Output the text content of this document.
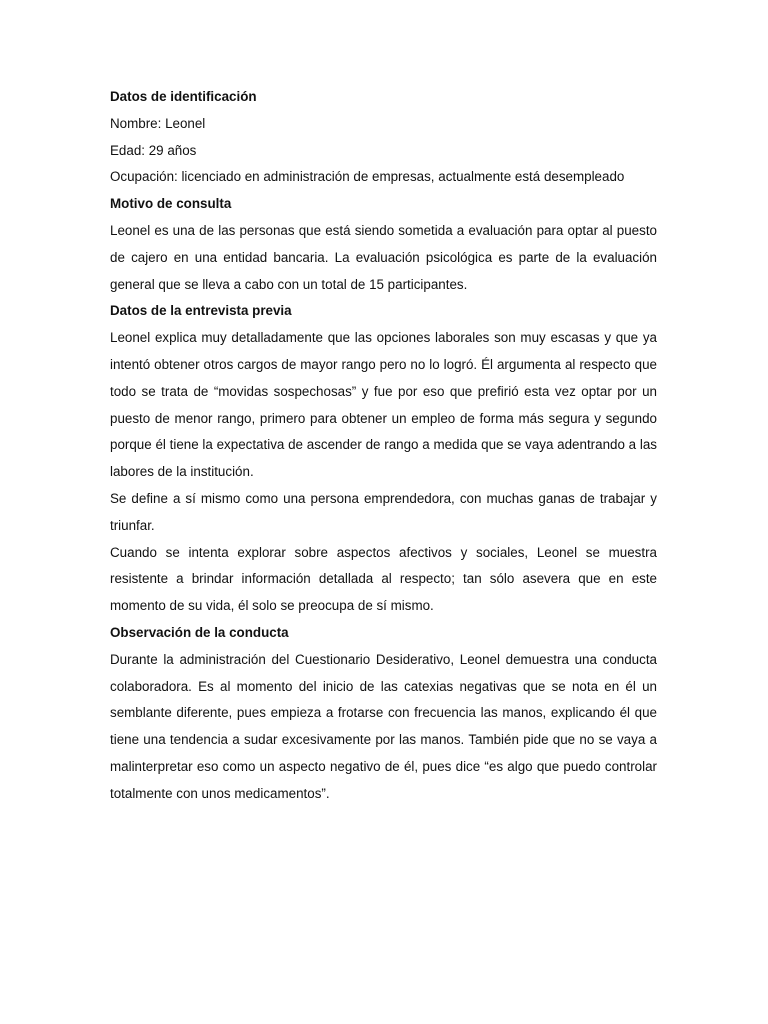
Datos de identificación

Nombre: Leonel

Edad: 29 años

Ocupación: licenciado en administración de empresas, actualmente está desempleado

Motivo de consulta

Leonel es una de las personas que está siendo sometida a evaluación para optar al puesto de cajero en una entidad bancaria. La evaluación psicológica es parte de la evaluación general que se lleva a cabo con un total de 15 participantes.

Datos de la entrevista previa

Leonel explica muy detalladamente que las opciones laborales son muy escasas y que ya intentó obtener otros cargos de mayor rango pero no lo logró. Él argumenta al respecto que todo se trata de “movidas sospechosas” y fue por eso que prefirió esta vez optar por un puesto de menor rango, primero para obtener un empleo de forma más segura y segundo porque él tiene la expectativa de ascender de rango a medida que se vaya adentrando a las labores de la institución.

Se define a sí mismo como una persona emprendedora, con muchas ganas de trabajar y triunfar.

Cuando se intenta explorar sobre aspectos afectivos y sociales, Leonel se muestra resistente a brindar información detallada al respecto; tan sólo asevera que en este momento de su vida, él solo se preocupa de sí mismo.

Observación de la conducta

Durante la administración del Cuestionario Desiderativo, Leonel demuestra una conducta colaboradora. Es al momento del inicio de las catexias negativas que se nota en él un semblante diferente, pues empieza a frotarse con frecuencia las manos, explicando él que tiene una tendencia a sudar excesivamente por las manos. También pide que no se vaya a malinterpretar eso como un aspecto negativo de él, pues dice “es algo que puedo controlar totalmente con unos medicamentos”.
